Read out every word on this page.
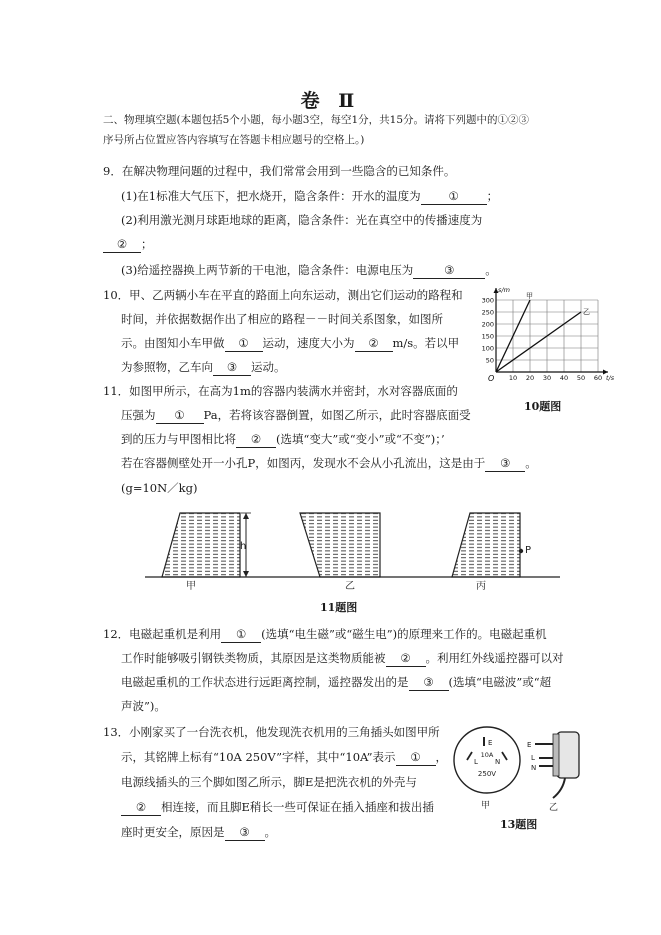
卷 Ⅱ
二、物理填空题(本题包括5个小题，每小题3空，每空1分，共15分。请将下列题中的①②③
序号所占位置应答内容填写在答题卡相应题号的空格上。)
9．在解决物理问题的过程中，我们常常会用到一些隐含的已知条件。
(1)在1标准大气压下，把水烧开，隐含条件：开水的温度为 ① ；
(2)利用激光测月球距地球的距离，隐含条件：光在真空中的传播速度为
② ；
(3)给遥控器换上两节新的干电池，隐含条件：电源电压为	③	。
10．甲、乙两辆小车在平直的路面上向东运动，测出它们运动的路程和
时间，并依据数据作出了相应的路程－－时间关系图象，如图所
示。由图知小车甲做 ① 运动，速度大小为 ② m/s。若以甲
为参照物，乙车向 ③ 运动。
300
250
200
150
100
50
10 20 30 40 50 60
O
s/m
t/s
甲
乙
10题图
11．如图甲所示，在高为1m的容器内装满水并密封，水对容器底面的
压强为 ① Pa，若将该容器倒置，如图乙所示，此时容器底面受
到的压力与甲图相比将 ② (选填“变大”或“变小”或“不变”)；’
若在容器侧壁处开一小孔P，如图丙，发现水不会从小孔流出，这是由于 ③ 。
(g=10N／kg)
h
甲	乙
P
丙
11题图
12．电磁起重机是利用 ① (选填“电生磁”或“磁生电”)的原理来工作的。电磁起重机
工作时能够吸引钢铁类物质，其原因是这类物质能被 ② 。利用红外线遥控器可以对
电磁起重机的工作状态进行远距离控制，遥控器发出的是 ③ (选填“电磁波”或“超
声波”)。
13．小刚家买了一台洗衣机，他发现洗衣机用的三角插头如图甲所
示，其铭牌上标有“10A 250V”字样，其中“10A”表示 ① ，
电源线插头的三个脚如图乙所示，脚E是把洗衣机的外壳与
② 相连接，而且脚E稍长一些可保证在插入插座和拔出插
座时更安全，原因是 ③ 。
E
L N
10A
250V
甲
E
L
N
乙
13题图
